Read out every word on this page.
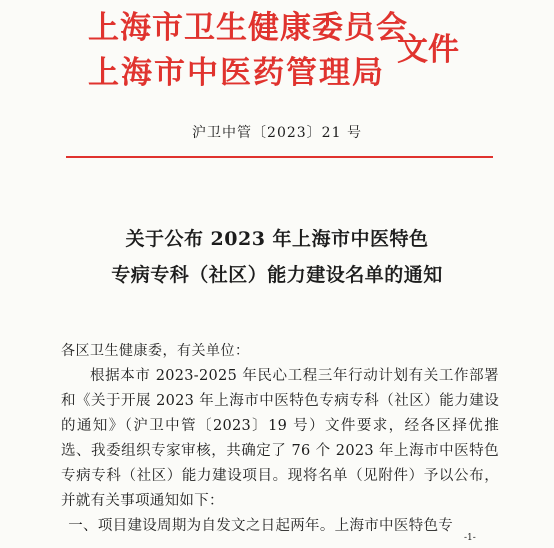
上海市卫生健康委员会
上海市中医药管理局
文件
沪卫中管〔2023〕21 号
关于公布 2023 年上海市中医特色
专病专科（社区）能力建设名单的通知
各区卫生健康委，有关单位：

根据本市 2023-2025 年民心工程三年行动计划有关工作部署和《关于开展 2023 年上海市中医特色专病专科（社区）能力建设的通知》（沪卫中管〔2023〕19 号）文件要求，经各区择优推选、我委组织专家审核，共确定了 76 个 2023 年上海市中医特色专病专科（社区）能力建设项目。现将名单（见附件）予以公布，并就有关事项通知如下：

一、项目建设周期为自发文之日起两年。上海市中医特色专

-1-
